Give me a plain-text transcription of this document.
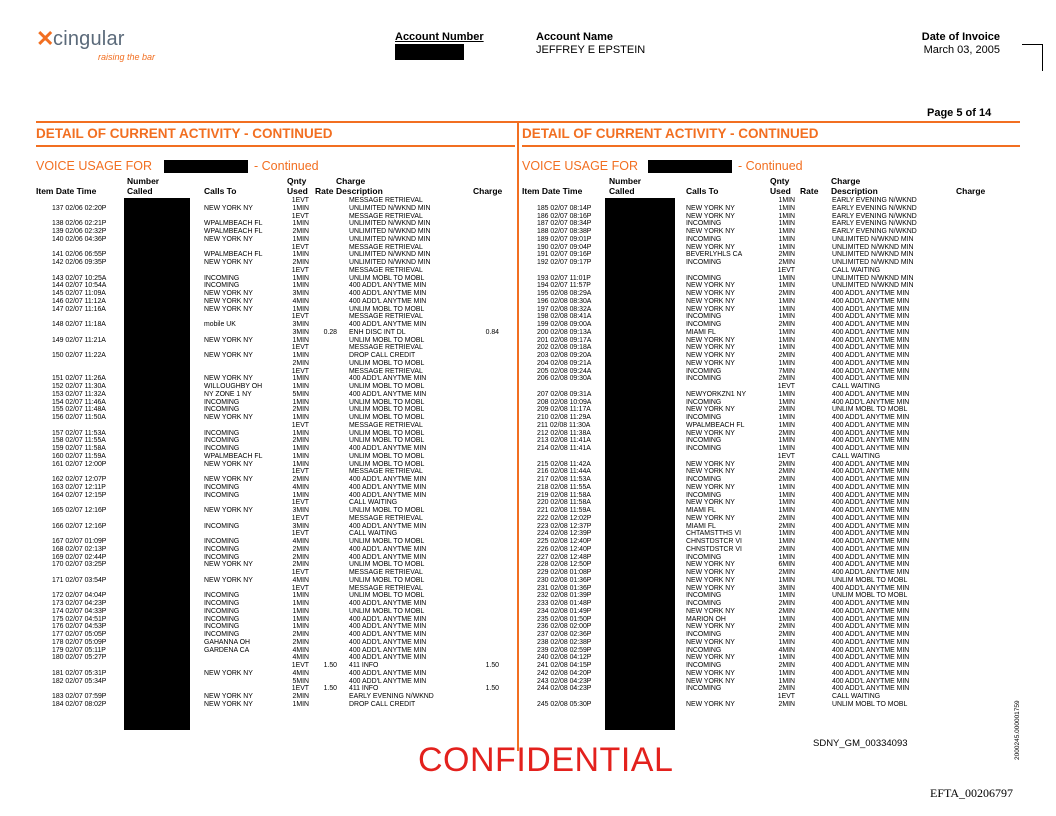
✕
cingular
raising the bar
Account Number	Account Name
JEFFREY E EPSTEIN
Date of Invoice
March 03, 2005
Page 5 of 14
DETAIL OF CURRENT ACTIVITY - CONTINUED
VOICE USAGE FOR	- Continued
Item Date Time
Number
Called	Calls To
Qnty
Used Rate
Charge
Description	Charge
1EVT	MESSAGE RETRIEVAL
137 02/06 02:20P	NEW YORK NY	1MIN	UNLIMITED N/WKND MIN
1EVT	MESSAGE RETRIEVAL
138 02/06 02:21P	WPALMBEACH FL	1MIN	UNLIMITED N/WKND MIN
139 02/06 02:32P	WPALMBEACH FL	2MIN	UNLIMITED N/WKND MIN
140 02/06 04:36P	NEW YORK NY	1MIN	UNLIMITED N/WKND MIN
1EVT	MESSAGE RETRIEVAL
141 02/06 06:55P	WPALMBEACH FL	1MIN	UNLIMITED N/WKND MIN
142 02/06 09:35P	NEW YORK NY	2MIN	UNLIMITED N/WKND MIN
1EVT	MESSAGE RETRIEVAL
143 02/07 10:25A	INCOMING	1MIN	UNLIM MOBL TO MOBL
144 02/07 10:54A	INCOMING	1MIN	400 ADD'L ANYTME MIN
145 02/07 11:09A	NEW YORK NY	3MIN	400 ADD'L ANYTME MIN
146 02/07 11:12A	NEW YORK NY	4MIN	400 ADD'L ANYTME MIN
147 02/07 11:16A	NEW YORK NY	1MIN	UNLIM MOBL TO MOBL
1EVT	MESSAGE RETRIEVAL
148 02/07 11:18A	mobile UK	3MIN	400 ADD'L ANYTME MIN
3MIN	0.28 ENH DISC INT DL	0.84
149 02/07 11:21A	NEW YORK NY	1MIN	UNLIM MOBL TO MOBL
1EVT	MESSAGE RETRIEVAL
150 02/07 11:22A	NEW YORK NY	1MIN	DROP CALL CREDIT
2MIN	UNLIM MOBL TO MOBL
1EVT	MESSAGE RETRIEVAL
151 02/07 11:26A	NEW YORK NY	1MIN	400 ADD'L ANYTME MIN
152 02/07 11:30A	WILLOUGHBY OH	1MIN	UNLIM MOBL TO MOBL
153 02/07 11:32A	NY ZONE 1 NY	5MIN	400 ADD'L ANYTME MIN
154 02/07 11:46A	INCOMING	1MIN	UNLIM MOBL TO MOBL
155 02/07 11:48A	INCOMING	2MIN	UNLIM MOBL TO MOBL
156 02/07 11:50A	NEW YORK NY	1MIN	UNLIM MOBL TO MOBL
1EVT	MESSAGE RETRIEVAL
157 02/07 11:53A	INCOMING	1MIN	UNLIM MOBL TO MOBL
158 02/07 11:55A	INCOMING	2MIN	UNLIM MOBL TO MOBL
159 02/07 11:58A	INCOMING	1MIN	400 ADD'L ANYTME MIN
160 02/07 11:59A	WPALMBEACH FL	1MIN	UNLIM MOBL TO MOBL
161 02/07 12:00P	NEW YORK NY	1MIN	UNLIM MOBL TO MOBL
1EVT	MESSAGE RETRIEVAL
162 02/07 12:07P	NEW YORK NY	2MIN	400 ADD'L ANYTME MIN
163 02/07 12:11P	INCOMING	4MIN	400 ADD'L ANYTME MIN
164 02/07 12:15P	INCOMING	1MIN	400 ADD'L ANYTME MIN
1EVT	CALL WAITING
165 02/07 12:16P	NEW YORK NY	3MIN	UNLIM MOBL TO MOBL
1EVT	MESSAGE RETRIEVAL
166 02/07 12:16P	INCOMING	3MIN	400 ADD'L ANYTME MIN
1EVT	CALL WAITING
167 02/07 01:09P	INCOMING	4MIN	UNLIM MOBL TO MOBL
168 02/07 02:13P	INCOMING	2MIN	400 ADD'L ANYTME MIN
169 02/07 02:44P	INCOMING	2MIN	400 ADD'L ANYTME MIN
170 02/07 03:25P	NEW YORK NY	2MIN	UNLIM MOBL TO MOBL
1EVT	MESSAGE RETRIEVAL
171 02/07 03:54P	NEW YORK NY	4MIN	UNLIM MOBL TO MOBL
1EVT	MESSAGE RETRIEVAL
172 02/07 04:04P	INCOMING	1MIN	UNLIM MOBL TO MOBL
173 02/07 04:23P	INCOMING	1MIN	400 ADD'L ANYTME MIN
174 02/07 04:33P	INCOMING	1MIN	UNLIM MOBL TO MOBL
175 02/07 04:51P	INCOMING	1MIN	400 ADD'L ANYTME MIN
176 02/07 04:53P	INCOMING	1MIN	400 ADD'L ANYTME MIN
177 02/07 05:05P	INCOMING	2MIN	400 ADD'L ANYTME MIN
178 02/07 05:09P	GAHANNA OH	2MIN	400 ADD'L ANYTME MIN
179 02/07 05:11P	GARDENA CA	4MIN	400 ADD'L ANYTME MIN
180 02/07 05:27P	4MIN	400 ADD'L ANYTME MIN
1EVT	1.50 411 INFO	1.50
181 02/07 05:31P	NEW YORK NY	4MIN	400 ADD'L ANYTME MIN
182 02/07 05:34P	5MIN	400 ADD'L ANYTME MIN
1EVT	1.50 411 INFO	1.50
183 02/07 07:59P	NEW YORK NY	2MIN	EARLY EVENING N/WKND
184 02/07 08:02P	NEW YORK NY	1MIN	DROP CALL CREDIT
DETAIL OF CURRENT ACTIVITY - CONTINUED
VOICE USAGE FOR	- Continued
Item Date Time
Number
Called	Calls To
Qnty
Used Rate
Charge
Description	Charge
1MIN	EARLY EVENING N/WKND
185 02/07 08:14P	NEW YORK NY	1MIN	EARLY EVENING N/WKND
186 02/07 08:16P	NEW YORK NY	1MIN	EARLY EVENING N/WKND
187 02/07 08:34P	INCOMING	1MIN	EARLY EVENING N/WKND
188 02/07 08:38P	NEW YORK NY	1MIN	EARLY EVENING N/WKND
189 02/07 09:01P	INCOMING	1MIN	UNLIMITED N/WKND MIN
190 02/07 09:04P	NEW YORK NY	1MIN	UNLIMITED N/WKND MIN
191 02/07 09:16P	BEVERLYHLS CA	2MIN	UNLIMITED N/WKND MIN
192 02/07 09:17P	INCOMING	2MIN	UNLIMITED N/WKND MIN
1EVT	CALL WAITING
193 02/07 11:01P	INCOMING	1MIN	UNLIMITED N/WKND MIN
194 02/07 11:57P	NEW YORK NY	1MIN	UNLIMITED N/WKND MIN
195 02/08 08:29A	NEW YORK NY	2MIN	400 ADD'L ANYTME MIN
196 02/08 08:30A	NEW YORK NY	1MIN	400 ADD'L ANYTME MIN
197 02/08 08:32A	NEW YORK NY	1MIN	400 ADD'L ANYTME MIN
198 02/08 08:41A	INCOMING	1MIN	400 ADD'L ANYTME MIN
199 02/08 09:00A	INCOMING	2MIN	400 ADD'L ANYTME MIN
200 02/08 09:13A	MIAMI FL	1MIN	400 ADD'L ANYTME MIN
201 02/08 09:17A	NEW YORK NY	1MIN	400 ADD'L ANYTME MIN
202 02/08 09:18A	NEW YORK NY	1MIN	400 ADD'L ANYTME MIN
203 02/08 09:20A	NEW YORK NY	2MIN	400 ADD'L ANYTME MIN
204 02/08 09:21A	NEW YORK NY	1MIN	400 ADD'L ANYTME MIN
205 02/08 09:24A	INCOMING	7MIN	400 ADD'L ANYTME MIN
206 02/08 09:30A	INCOMING	2MIN	400 ADD'L ANYTME MIN
1EVT	CALL WAITING
207 02/08 09:31A	NEWYORKZN1 NY	1MIN	400 ADD'L ANYTME MIN
208 02/08 10:09A	INCOMING	1MIN	400 ADD'L ANYTME MIN
209 02/08 11:17A	NEW YORK NY	2MIN	UNLIM MOBL TO MOBL
210 02/08 11:29A	INCOMING	1MIN	400 ADD'L ANYTME MIN
211 02/08 11:30A	WPALMBEACH FL	1MIN	400 ADD'L ANYTME MIN
212 02/08 11:38A	NEW YORK NY	2MIN	400 ADD'L ANYTME MIN
213 02/08 11:41A	INCOMING	1MIN	400 ADD'L ANYTME MIN
214 02/08 11:41A	INCOMING	1MIN	400 ADD'L ANYTME MIN
1EVT	CALL WAITING
215 02/08 11:42A	NEW YORK NY	2MIN	400 ADD'L ANYTME MIN
216 02/08 11:44A	NEW YORK NY	2MIN	400 ADD'L ANYTME MIN
217 02/08 11:53A	INCOMING	2MIN	400 ADD'L ANYTME MIN
218 02/08 11:55A	NEW YORK NY	1MIN	400 ADD'L ANYTME MIN
219 02/08 11:58A	INCOMING	1MIN	400 ADD'L ANYTME MIN
220 02/08 11:58A	NEW YORK NY	1MIN	400 ADD'L ANYTME MIN
221 02/08 11:59A	MIAMI FL	1MIN	400 ADD'L ANYTME MIN
222 02/08 12:02P	NEW YORK NY	2MIN	400 ADD'L ANYTME MIN
223 02/08 12:37P	MIAMI FL	2MIN	400 ADD'L ANYTME MIN
224 02/08 12:39P	CHTAMSTTHS VI	1MIN	400 ADD'L ANYTME MIN
225 02/08 12:40P	CHNSTDSTCR VI	1MIN	400 ADD'L ANYTME MIN
226 02/08 12:40P	CHNSTDSTCR VI	2MIN	400 ADD'L ANYTME MIN
227 02/08 12:48P	INCOMING	1MIN	400 ADD'L ANYTME MIN
228 02/08 12:50P	NEW YORK NY	6MIN	400 ADD'L ANYTME MIN
229 02/08 01:08P	NEW YORK NY	2MIN	400 ADD'L ANYTME MIN
230 02/08 01:36P	NEW YORK NY	1MIN	UNLIM MOBL TO MOBL
231 02/08 01:36P	NEW YORK NY	3MIN	400 ADD'L ANYTME MIN
232 02/08 01:39P	INCOMING	1MIN	UNLIM MOBL TO MOBL
233 02/08 01:48P	INCOMING	2MIN	400 ADD'L ANYTME MIN
234 02/08 01:49P	NEW YORK NY	2MIN	400 ADD'L ANYTME MIN
235 02/08 01:50P	MARION OH	1MIN	400 ADD'L ANYTME MIN
236 02/08 02:00P	NEW YORK NY	2MIN	400 ADD'L ANYTME MIN
237 02/08 02:36P	INCOMING	2MIN	400 ADD'L ANYTME MIN
238 02/08 02:38P	NEW YORK NY	1MIN	400 ADD'L ANYTME MIN
239 02/08 02:59P	INCOMING	4MIN	400 ADD'L ANYTME MIN
240 02/08 04:12P	NEW YORK NY	1MIN	400 ADD'L ANYTME MIN
241 02/08 04:15P	INCOMING	2MIN	400 ADD'L ANYTME MIN
242 02/08 04:20P	NEW YORK NY	1MIN	400 ADD'L ANYTME MIN
243 02/08 04:23P	NEW YORK NY	1MIN	400 ADD'L ANYTME MIN
244 02/08 04:23P	INCOMING	2MIN	400 ADD'L ANYTME MIN
1EVT	CALL WAITING
245 02/08 05:30P	NEW YORK NY	2MIN	UNLIM MOBL TO MOBL
CONFIDENTIAL	SDNY_GM_00334093
EFTA_00206797
2000245.000001759
